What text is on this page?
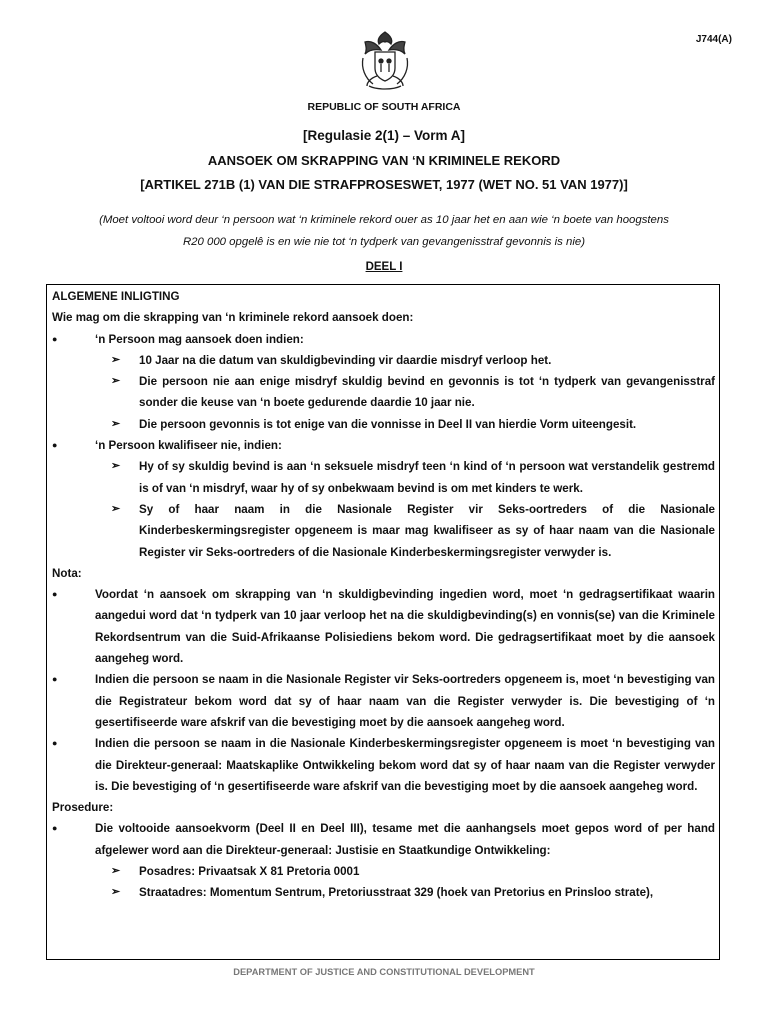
J744(A)
REPUBLIC OF SOUTH AFRICA
[Regulasie 2(1) – Vorm A]
AANSOEK OM SKRAPPING VAN ‘N KRIMINELE REKORD
[ARTIKEL 271B (1) VAN DIE STRAFPROSESWET, 1977 (WET NO. 51 VAN 1977)]
(Moet voltooi word deur ‘n persoon wat ‘n kriminele rekord ouer as 10 jaar het en aan wie ‘n boete van hoogstens
R20 000 opgelê is en wie nie tot ‘n tydperk van gevangenisstraf gevonnis is nie)
DEEL I

ALGEMENE INLIGTING

Wie mag om die skrapping van ‘n kriminele rekord aansoek doen:

●	‘n Persoon mag aansoek doen indien:

➢ 10 Jaar na die datum van skuldigbevinding vir daardie misdryf verloop het.

➢ Die persoon nie aan enige misdryf skuldig bevind en gevonnis is tot ‘n tydperk van gevangenisstraf sonder die keuse van ‘n boete gedurende daardie 10 jaar nie.

➢ Die persoon gevonnis is tot enige van die vonnisse in Deel II van hierdie Vorm uiteengesit.

●	‘n Persoon kwalifiseer nie, indien:

➢ Hy of sy skuldig bevind is aan ‘n seksuele misdryf teen ‘n kind of ‘n persoon wat verstandelik gestremd is of van ‘n misdryf, waar hy of sy onbekwaam bevind is om met kinders te werk.

➢ Sy of haar naam in die Nasionale Register vir Seks-oortreders of die Nasionale Kinderbeskermingsregister opgeneem is maar mag kwalifiseer as sy of haar naam van die Nasionale Register vir Seks-oortreders of die Nasionale Kinderbeskermingsregister verwyder is.

Nota:

●	Voordat ‘n aansoek om skrapping van ‘n skuldigbevinding ingedien word, moet ‘n gedragsertifikaat waarin aangedui word dat ‘n tydperk van 10 jaar verloop het na die skuldigbevinding(s) en vonnis(se) van die Kriminele Rekordsentrum van die Suid-Afrikaanse Polisiediens bekom word. Die gedragsertifikaat moet by die aansoek aangeheg word.

●	Indien die persoon se naam in die Nasionale Register vir Seks-oortreders opgeneem is, moet ‘n bevestiging van die Registrateur bekom word dat sy of haar naam van die Register verwyder is. Die bevestiging of ‘n gesertifiseerde ware afskrif van die bevestiging moet by die aansoek aangeheg word.

●	Indien die persoon se naam in die Nasionale Kinderbeskermingsregister opgeneem is moet ‘n bevestiging van die Direkteur-generaal: Maatskaplike Ontwikkeling bekom word dat sy of haar naam van die Register verwyder is. Die bevestiging of ‘n gesertifiseerde ware afskrif van die bevestiging moet by die aansoek aangeheg word.

Prosedure:

●	Die voltooide aansoekvorm (Deel II en Deel III), tesame met die aanhangsels moet gepos word of per hand afgelewer word aan die Direkteur-generaal: Justisie en Staatkundige Ontwikkeling:

➢ Posadres: Privaatsak X 81 Pretoria 0001

➢ Straatadres: Momentum Sentrum, Pretoriusstraat 329 (hoek van Pretorius en Prinsloo strate),

DEPARTMENT OF JUSTICE AND CONSTITUTIONAL DEVELOPMENT
